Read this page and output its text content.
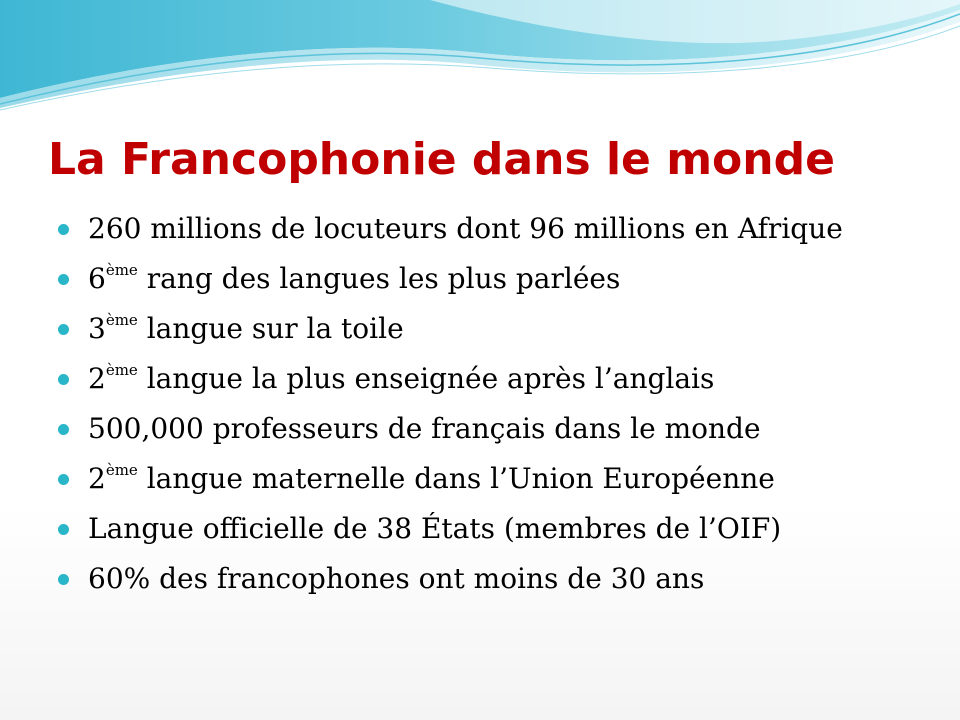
La Francophonie dans le monde
260 millions de locuteurs dont 96 millions en Afrique
6ème rang des langues les plus parlées
3ème langue sur la toile
2ème langue la plus enseignée après l’anglais
500,000 professeurs de français dans le monde
2ème langue maternelle dans l’Union Européenne
Langue officielle de 38 États (membres de l’OIF)
60% des francophones ont moins de 30 ans
